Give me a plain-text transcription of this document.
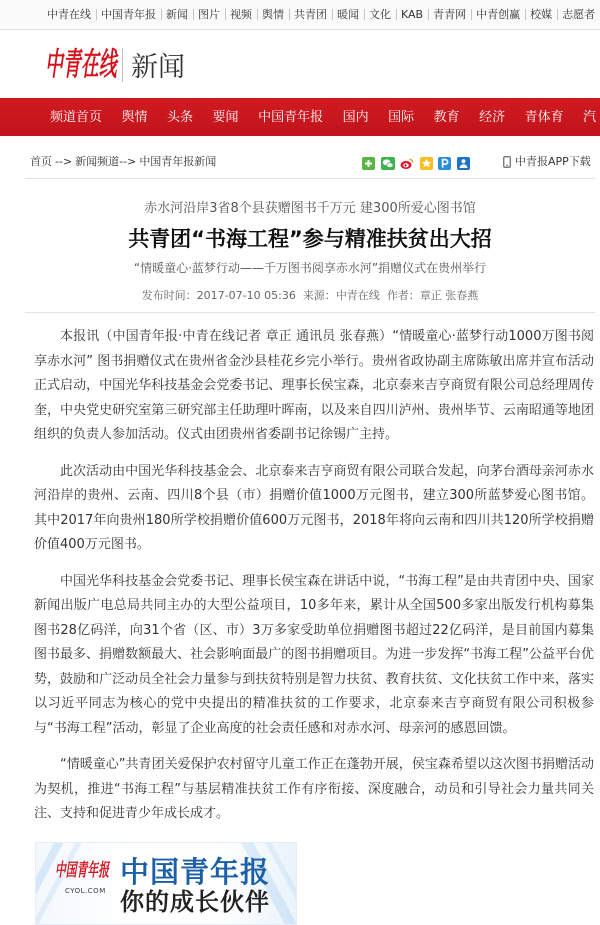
中青在线 中国青年报 新闻 图片 视频 舆情 共青团 暖闻 文化 KAB 青青网 中青创赢 校媒 志愿者
中青在线 新闻
频道首页 舆情 头条 要闻 中国青年报 国内 国际 教育 经济 青体育 汽
首页 --> 新闻频道--> 中国青年报新闻	中青报APP下载
赤水河沿岸3省8个县获赠图书千万元 建300所爱心图书馆
共青团“书海工程”参与精准扶贫出大招
“情暖童心·蓝梦行动——千万图书阅享赤水河”捐赠仪式在贵州举行
发布时间：2017-07-10 05:36 来源：中青在线 作者：章正 张春燕

本报讯（中国青年报·中青在线记者 章正 通讯员 张春燕）“情暖童心·蓝梦行动1000万图书阅享赤水河” 图书捐赠仪式在贵州省金沙县桂花乡完小举行。贵州省政协副主席陈敏出席并宣布活动正式启动，中国光华科技基金会党委书记、理事长侯宝森，北京泰来吉亨商贸有限公司总经理周传奎，中央党史研究室第三研究部主任助理叶晖南，以及来自四川泸州、贵州毕节、云南昭通等地团组织的负责人参加活动。仪式由团贵州省委副书记徐锡广主持。

此次活动由中国光华科技基金会、北京泰来吉亨商贸有限公司联合发起，向茅台酒母亲河赤水河沿岸的贵州、云南、四川8个县（市）捐赠价值1000万元图书，建立300所蓝梦爱心图书馆。其中2017年向贵州180所学校捐赠价值600万元图书，2018年将向云南和四川共120所学校捐赠价值400万元图书。

中国光华科技基金会党委书记、理事长侯宝森在讲话中说，“书海工程”是由共青团中央、国家新闻出版广电总局共同主办的大型公益项目，10多年来，累计从全国500多家出版发行机构募集图书28亿码洋，向31个省（区、市）3万多家受助单位捐赠图书超过22亿码洋，是目前国内募集图书最多、捐赠数额最大、社会影响面最广的图书捐赠项目。为进一步发挥“书海工程”公益平台优势，鼓励和广泛动员全社会力量参与到扶贫特别是智力扶贫、教育扶贫、文化扶贫工作中来，落实以习近平同志为核心的党中央提出的精准扶贫的工作要求，北京泰来吉亨商贸有限公司积极参与“书海工程”活动，彰显了企业高度的社会责任感和对赤水河、母亲河的感恩回馈。

“情暖童心”共青团关爱保护农村留守儿童工作正在蓬勃开展，侯宝森希望以这次图书捐赠活动为契机，推进“书海工程”与基层精准扶贫工作有序衔接、深度融合，动员和引导社会力量共同关注、支持和促进青少年成长成才。

中国青年报
CYOL.COM
中国青年报
你的成长伙伴
